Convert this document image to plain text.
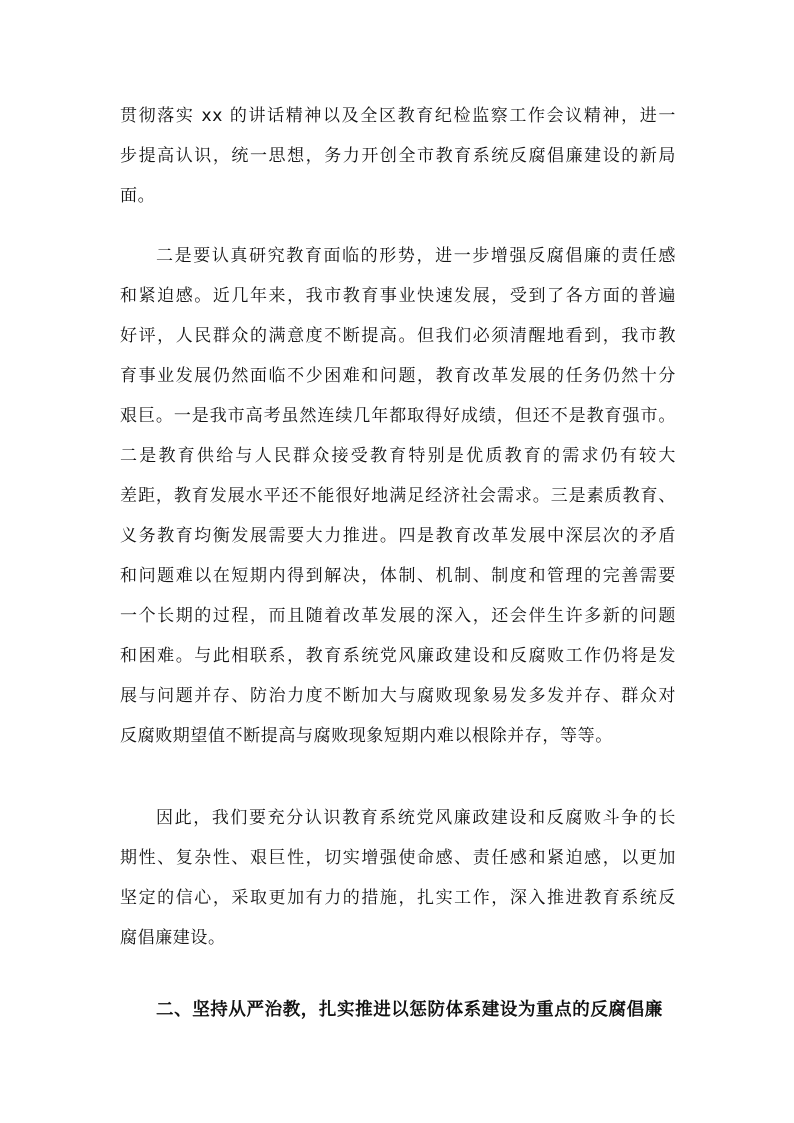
贯彻落实 xx 的讲话精神以及全区教育纪检监察工作会议精神，进一
步提高认识，统一思想，务力开创全市教育系统反腐倡廉建设的新局
面。
二是要认真研究教育面临的形势，进一步增强反腐倡廉的责任感
和紧迫感。近几年来，我市教育事业快速发展，受到了各方面的普遍
好评，人民群众的满意度不断提高。但我们必须清醒地看到，我市教
育事业发展仍然面临不少困难和问题，教育改革发展的任务仍然十分
艰巨。一是我市高考虽然连续几年都取得好成绩，但还不是教育强市。
二是教育供给与人民群众接受教育特别是优质教育的需求仍有较大
差距，教育发展水平还不能很好地满足经济社会需求。三是素质教育、
义务教育均衡发展需要大力推进。四是教育改革发展中深层次的矛盾
和问题难以在短期内得到解决，体制、机制、制度和管理的完善需要
一个长期的过程，而且随着改革发展的深入，还会伴生许多新的问题
和困难。与此相联系，教育系统党风廉政建设和反腐败工作仍将是发
展与问题并存、防治力度不断加大与腐败现象易发多发并存、群众对
反腐败期望值不断提高与腐败现象短期内难以根除并存，等等。
因此，我们要充分认识教育系统党风廉政建设和反腐败斗争的长
期性、复杂性、艰巨性，切实增强使命感、责任感和紧迫感，以更加
坚定的信心，采取更加有力的措施，扎实工作，深入推进教育系统反
腐倡廉建设。
二、坚持从严治教，扎实推进以惩防体系建设为重点的反腐倡廉
